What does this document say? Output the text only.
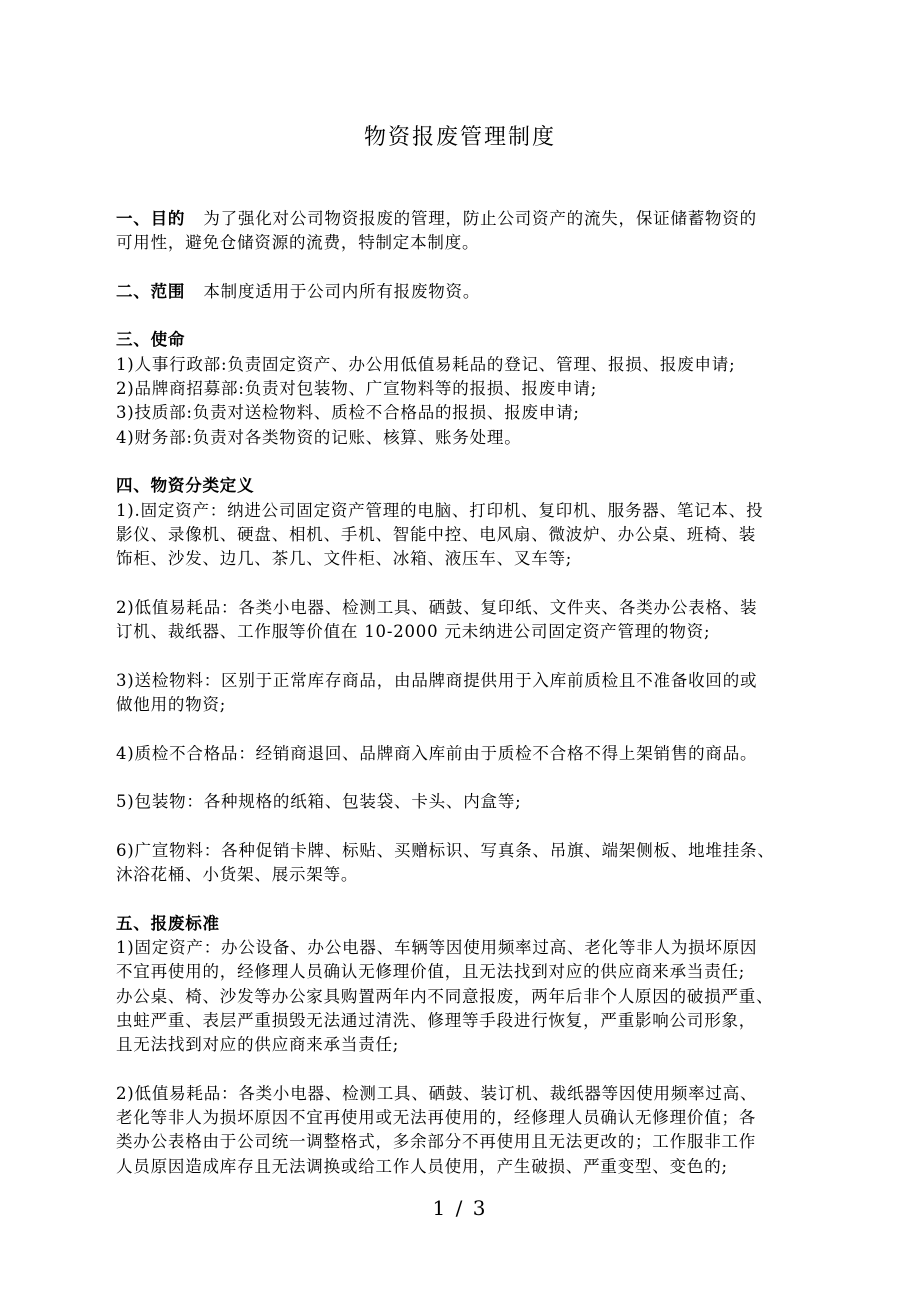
物资报废管理制度
一、目的 为了强化对公司物资报废的管理，防止公司资产的流失，保证储蓄物资的
可用性，避免仓储资源的流费，特制定本制度。
二、范围 本制度适用于公司内所有报废物资。
三、使命
1)人事行政部:负责固定资产、办公用低值易耗品的登记、管理、报损、报废申请;
2)品牌商招募部:负责对包装物、广宣物料等的报损、报废申请;
3)技质部:负责对送检物料、质检不合格品的报损、报废申请;
4)财务部:负责对各类物资的记账、核算、账务处理。
四、物资分类定义
1).固定资产：纳进公司固定资产管理的电脑、打印机、复印机、服务器、笔记本、投
影仪、录像机、硬盘、相机、手机、智能中控、电风扇、微波炉、办公桌、班椅、装
饰柜、沙发、边几、茶几、文件柜、冰箱、液压车、叉车等;
2)低值易耗品：各类小电器、检测工具、硒鼓、复印纸、文件夹、各类办公表格、装
订机、裁纸器、工作服等价值在 10-2000 元未纳进公司固定资产管理的物资;
3)送检物料：区别于正常库存商品，由品牌商提供用于入库前质检且不准备收回的或
做他用的物资;
4)质检不合格品：经销商退回、品牌商入库前由于质检不合格不得上架销售的商品。
5)包装物：各种规格的纸箱、包装袋、卡头、内盒等;
6)广宣物料：各种促销卡牌、标贴、买赠标识、写真条、吊旗、端架侧板、地堆挂条、
沐浴花桶、小货架、展示架等。
五、报废标准
1)固定资产：办公设备、办公电器、车辆等因使用频率过高、老化等非人为损坏原因
不宜再使用的，经修理人员确认无修理价值，且无法找到对应的供应商来承当责任;
办公桌、椅、沙发等办公家具购置两年内不同意报废，两年后非个人原因的破损严重、
虫蛀严重、表层严重损毁无法通过清洗、修理等手段进行恢复，严重影响公司形象，
且无法找到对应的供应商来承当责任;
2)低值易耗品：各类小电器、检测工具、硒鼓、装订机、裁纸器等因使用频率过高、
老化等非人为损坏原因不宜再使用或无法再使用的，经修理人员确认无修理价值；各
类办公表格由于公司统一调整格式，多余部分不再使用且无法更改的；工作服非工作
人员原因造成库存且无法调换或给工作人员使用，产生破损、严重变型、变色的;
1 / 3
